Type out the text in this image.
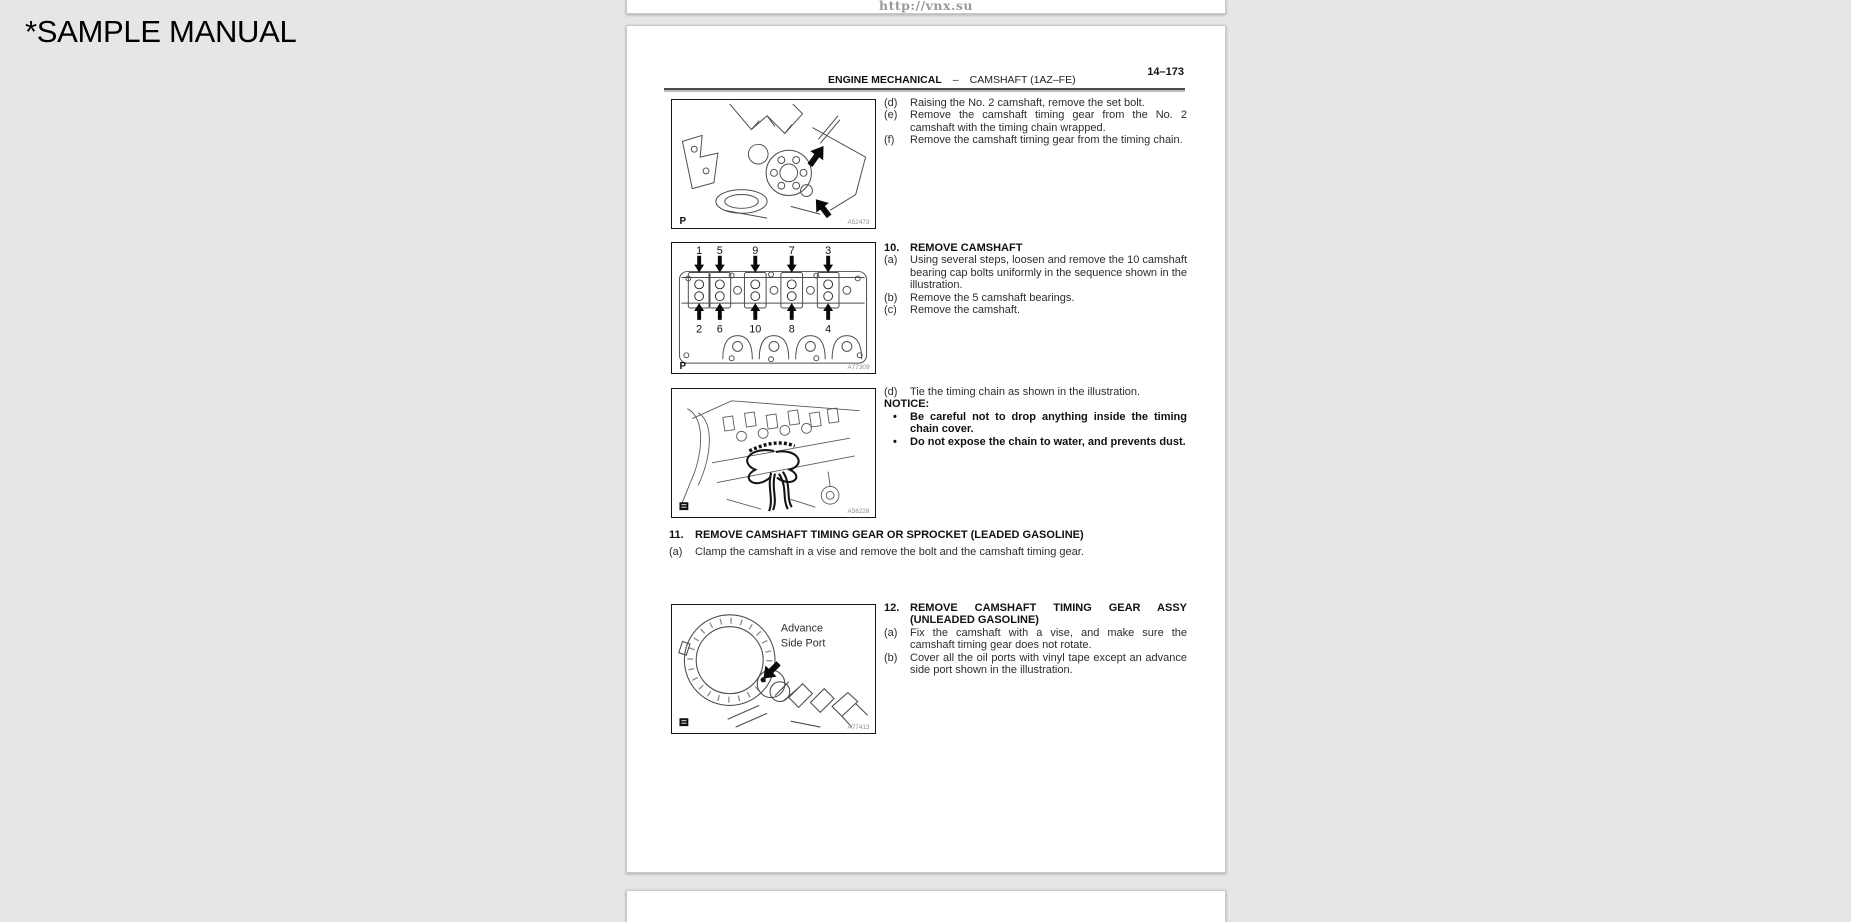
*SAMPLE MANUAL
http://vnx.su
14–173
ENGINE MECHANICAL – CAMSHAFT (1AZ–FE)
P	A52473
1 5	9	7	3
2 6 10 8	4
P	A77309
A56228
Advance
Side Port
A77413
(d)	Raising the No. 2 camshaft, remove the set bolt.
(e)	Remove the camshaft timing gear from the No. 2 camshaft with the timing chain wrapped.
(f)	Remove the camshaft timing gear from the timing chain.
10. REMOVE CAMSHAFT
(a)	Using several steps, loosen and remove the 10 camshaft bearing cap bolts uniformly in the sequence shown in the illustration.
(b)	Remove the 5 camshaft bearings.
(c)	Remove the camshaft.
(d)	Tie the timing chain as shown in the illustration.
NOTICE:
•	Be careful not to drop anything inside the timing chain cover.
•	Do not expose the chain to water, and prevents dust.
11.	REMOVE CAMSHAFT TIMING GEAR OR SPROCKET (LEADED GASOLINE)
(a)	Clamp the camshaft in a vise and remove the bolt and the camshaft timing gear.
12. REMOVE CAMSHAFT TIMING GEAR ASSY (UNLEADED GASOLINE)
(a)	Fix the camshaft with a vise, and make sure the camshaft timing gear does not rotate.
(b)	Cover all the oil ports with vinyl tape except an advance side port shown in the illustration.
